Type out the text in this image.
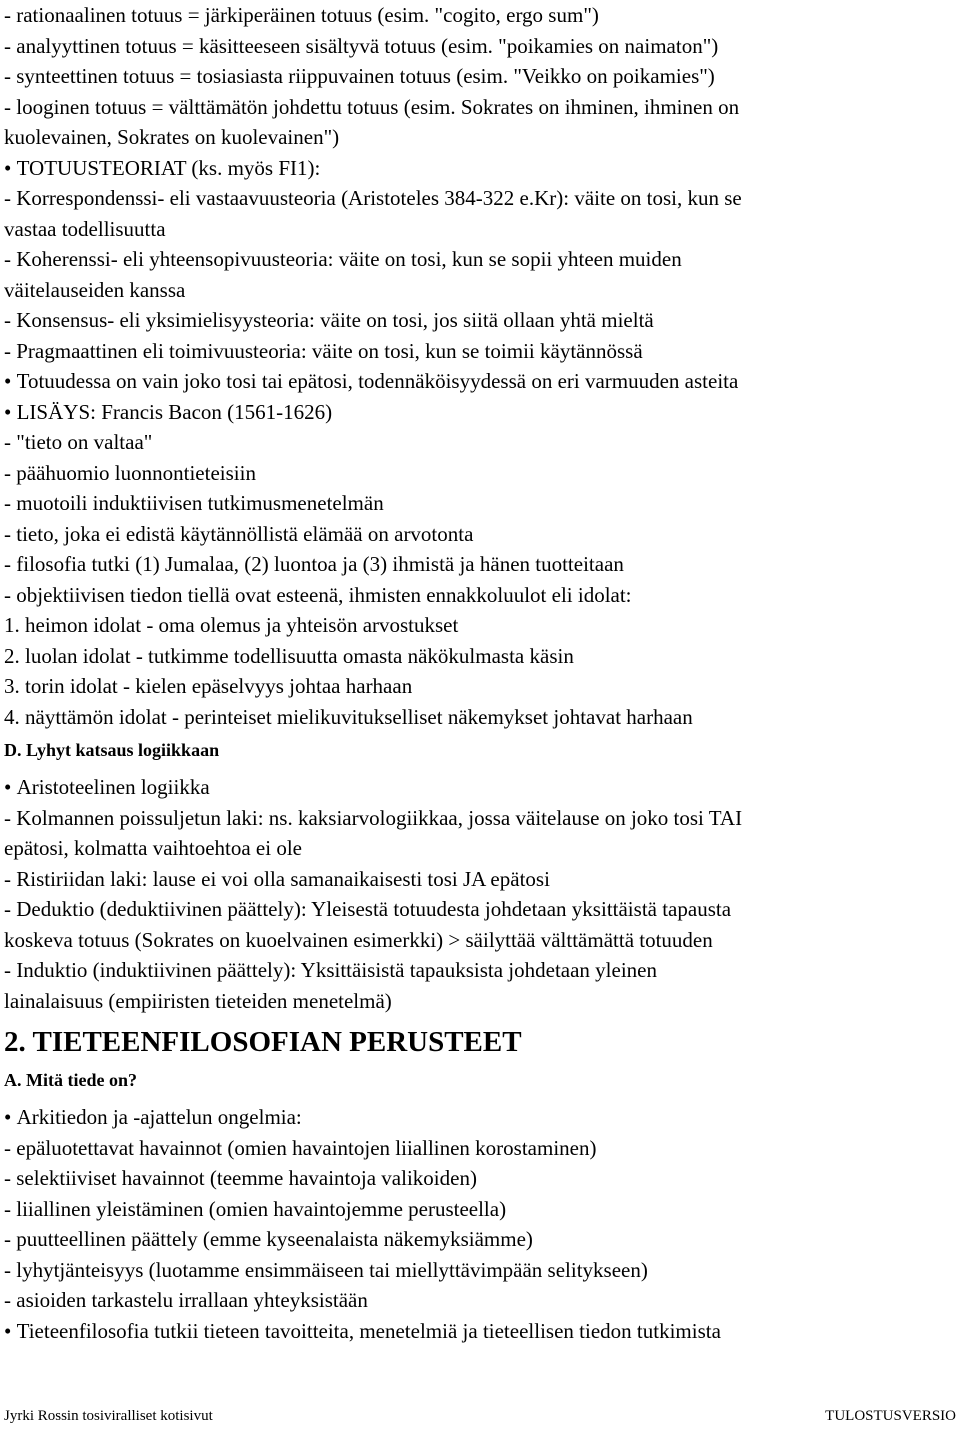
- rationaalinen totuus = järkiperäinen totuus (esim. "cogito, ergo sum")
- analyyttinen totuus = käsitteeseen sisältyvä totuus (esim. "poikamies on naimaton")
- synteettinen totuus = tosiasiasta riippuvainen totuus (esim. "Veikko on poikamies")
- looginen totuus = välttämätön johdettu totuus (esim. Sokrates on ihminen, ihminen on
kuolevainen, Sokrates on kuolevainen")
• TOTUUSTEORIAT (ks. myös FI1):
- Korrespondenssi- eli vastaavuusteoria (Aristoteles 384-322 e.Kr): väite on tosi, kun se
vastaa todellisuutta
- Koherenssi- eli yhteensopivuusteoria: väite on tosi, kun se sopii yhteen muiden
väitelauseiden kanssa
- Konsensus- eli yksimielisyysteoria: väite on tosi, jos siitä ollaan yhtä mieltä
- Pragmaattinen eli toimivuusteoria: väite on tosi, kun se toimii käytännössä
• Totuudessa on vain joko tosi tai epätosi, todennäköisyydessä on eri varmuuden asteita
• LISÄYS: Francis Bacon (1561-1626)
- "tieto on valtaa"
- päähuomio luonnontieteisiin
- muotoili induktiivisen tutkimusmenetelmän
- tieto, joka ei edistä käytännöllistä elämää on arvotonta
- filosofia tutki (1) Jumalaa, (2) luontoa ja (3) ihmistä ja hänen tuotteitaan
- objektiivisen tiedon tiellä ovat esteenä, ihmisten ennakkoluulot eli idolat:
1. heimon idolat - oma olemus ja yhteisön arvostukset
2. luolan idolat - tutkimme todellisuutta omasta näkökulmasta käsin
3. torin idolat - kielen epäselvyys johtaa harhaan
4. näyttämön idolat - perinteiset mielikuvitukselliset näkemykset johtavat harhaan
D. Lyhyt katsaus logiikkaan
• Aristoteelinen logiikka
- Kolmannen poissuljetun laki: ns. kaksiarvologiikkaa, jossa väitelause on joko tosi TAI
epätosi, kolmatta vaihtoehtoa ei ole
- Ristiriidan laki: lause ei voi olla samanaikaisesti tosi JA epätosi
- Deduktio (deduktiivinen päättely): Yleisestä totuudesta johdetaan yksittäistä tapausta
koskeva totuus (Sokrates on kuoelvainen esimerkki) > säilyttää välttämättä totuuden
- Induktio (induktiivinen päättely): Yksittäisistä tapauksista johdetaan yleinen
lainalaisuus (empiiristen tieteiden menetelmä)
2. TIETEENFILOSOFIAN PERUSTEET
A. Mitä tiede on?
• Arkitiedon ja -ajattelun ongelmia:
- epäluotettavat havainnot (omien havaintojen liiallinen korostaminen)
- selektiiviset havainnot (teemme havaintoja valikoiden)
- liiallinen yleistäminen (omien havaintojemme perusteella)
- puutteellinen päättely (emme kyseenalaista näkemyksiämme)
- lyhytjänteisyys (luotamme ensimmäiseen tai miellyttävimpään selitykseen)
- asioiden tarkastelu irrallaan yhteyksistään
• Tieteenfilosofia tutkii tieteen tavoitteita, menetelmiä ja tieteellisen tiedon tutkimista
Jyrki Rossin tosiviralliset kotisivut	TULOSTUSVERSIO
